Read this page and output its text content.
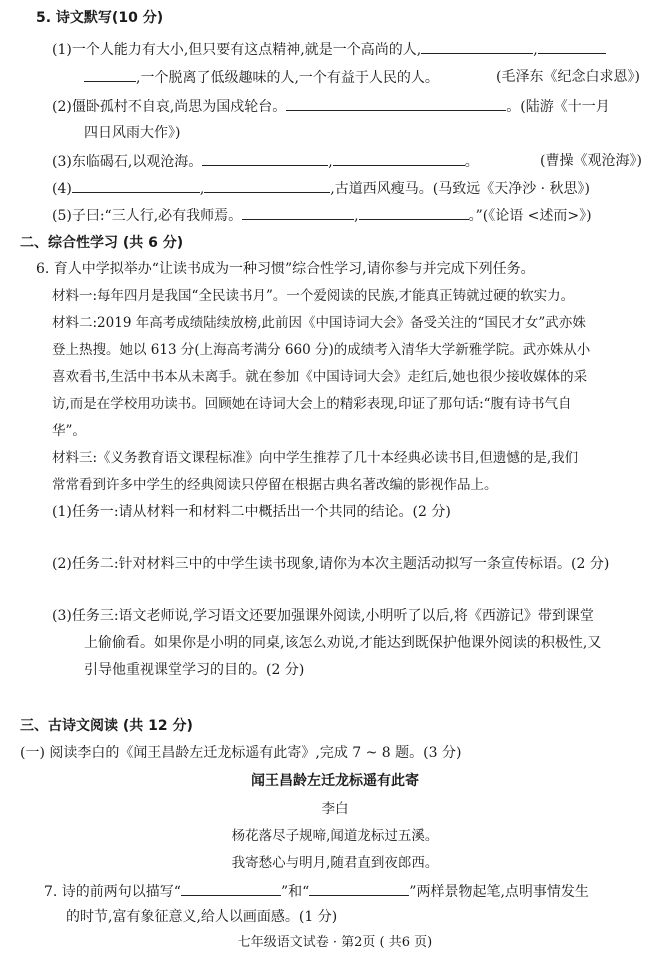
5. 诗文默写(10 分)
(1)一个人能力有大小,但只要有这点精神,就是一个高尚的人,	,
,一个脱离了低级趣味的人,一个有益于人民的人。	(毛泽东《纪念白求恩》)
(2)僵卧孤村不自哀,尚思为国戍轮台。	。(陆游《十一月
四日风雨大作》)
(3)东临碣石,以观沧海。	,	。	(曹操《观沧海》)
(4)	,	,古道西风瘦马。(马致远《天净沙 · 秋思》)
(5)子曰:“三人行,必有我师焉。	,	。”(《论语 <述而>》)
二、综合性学习 (共 6 分)
6. 育人中学拟举办“让读书成为一种习惯”综合性学习,请你参与并完成下列任务。
材料一:每年四月是我国“全民读书月”。一个爱阅读的民族,才能真正铸就过硬的软实力。
材料二:2019 年高考成绩陆续放榜,此前因《中国诗词大会》备受关注的“国民才女”武亦姝
登上热搜。她以 613 分(上海高考满分 660 分)的成绩考入清华大学新雅学院。武亦姝从小
喜欢看书,生活中书本从未离手。就在参加《中国诗词大会》走红后,她也很少接收媒体的采
访,而是在学校用功读书。回顾她在诗词大会上的精彩表现,印证了那句话:“腹有诗书气自
华”。
材料三:《义务教育语文课程标准》向中学生推荐了几十本经典必读书目,但遗憾的是,我们
常常看到许多中学生的经典阅读只停留在根据古典名著改编的影视作品上。
(1)任务一:请从材料一和材料二中概括出一个共同的结论。(2 分)
(2)任务二:针对材料三中的中学生读书现象,请你为本次主题活动拟写一条宣传标语。(2 分)
(3)任务三:语文老师说,学习语文还要加强课外阅读,小明听了以后,将《西游记》带到课堂
上偷偷看。如果你是小明的同桌,该怎么劝说,才能达到既保护他课外阅读的积极性,又
引导他重视课堂学习的目的。(2 分)
三、古诗文阅读 (共 12 分)
(一) 阅读李白的《闻王昌龄左迁龙标遥有此寄》,完成 7 ~ 8 题。(3 分)
闻王昌龄左迁龙标遥有此寄
李白
杨花落尽子规啼,闻道龙标过五溪。
我寄愁心与明月,随君直到夜郎西。
7. 诗的前两句以描写“	”和“	”两样景物起笔,点明事情发生
的时节,富有象征意义,给人以画面感。(1 分)
七年级语文试卷 · 第2页 ( 共6 页)
